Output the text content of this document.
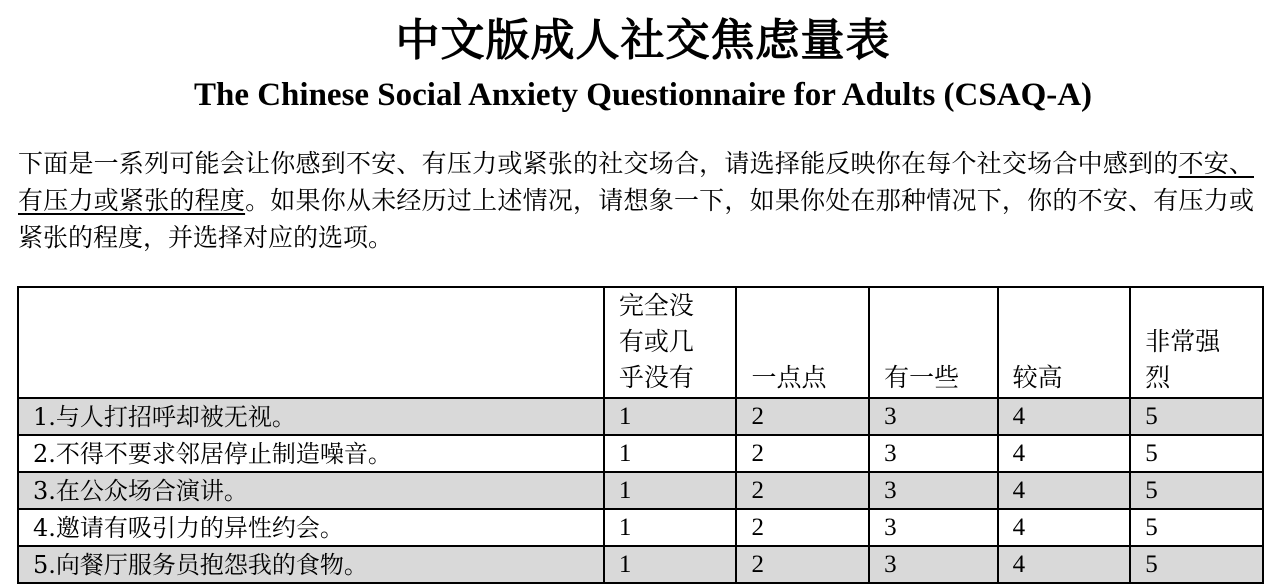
中文版成人社交焦虑量表
The Chinese Social Anxiety Questionnaire for Adults (CSAQ-A)
下面是一系列可能会让你感到不安、有压力或紧张的社交场合，请选择能反映你在每个社交场合中感到的不安、有压力或紧张的程度。如果你从未经历过上述情况，请想象一下，如果你处在那种情况下，你的不安、有压力或紧张的程度，并选择对应的选项。
	完全没有或几乎没有	一点点	有一些	较高	非常强烈
1.与人打招呼却被无视。	1	2	3	4	5
2.不得不要求邻居停止制造噪音。	1	2	3	4	5
3.在公众场合演讲。	1	2	3	4	5
4.邀请有吸引力的异性约会。	1	2	3	4	5
5.向餐厅服务员抱怨我的食物。	1	2	3	4	5
